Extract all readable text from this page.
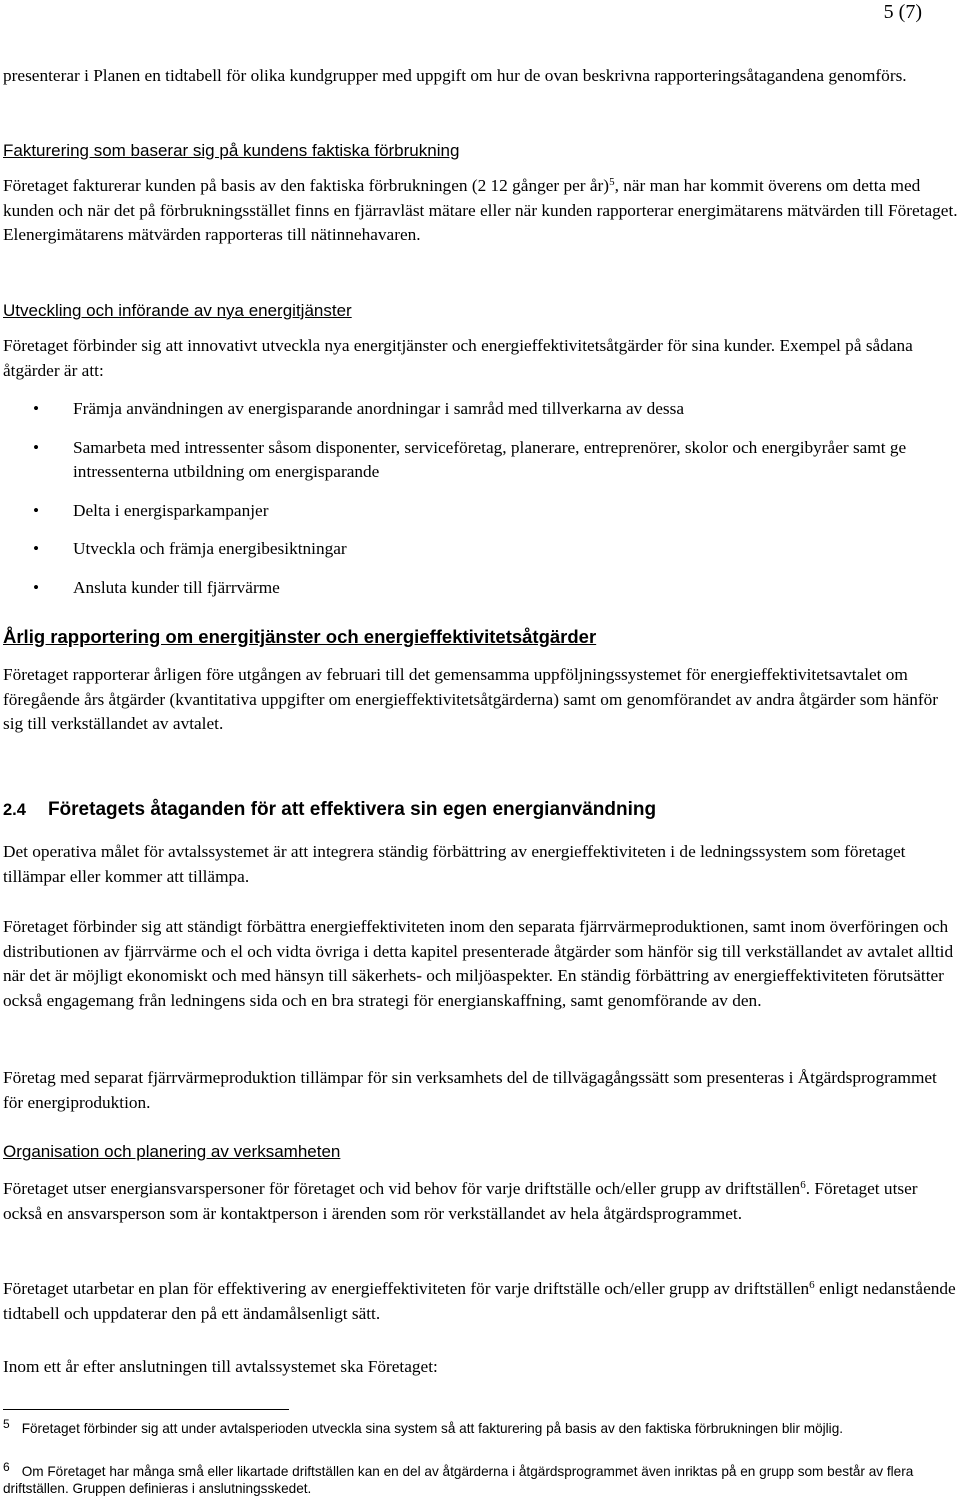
5 (7)

presenterar i Planen en tidtabell för olika kundgrupper med uppgift om hur de ovan beskrivna rapporteringsåtagandena genomförs.

Fakturering som baserar sig på kundens faktiska förbrukning

Företaget fakturerar kunden på basis av den faktiska förbrukningen (2 12 gånger per år)$^5$, när man har kommit överens om detta med kunden och när det på förbrukningsstället finns en fjärravläst mätare eller när kunden rapporterar energimätarens mätvärden till Företaget. Elenergimätarens mätvärden rapporteras till nätinnehavaren.

Utveckling och införande av nya energitjänster

Företaget förbinder sig att innovativt utveckla nya energitjänster och energieffektivitetsåtgärder för sina kunder. Exempel på sådana åtgärder är att:

• Främja användningen av energisparande anordningar i samråd med tillverkarna av dessa
• Samarbeta med intressenter såsom disponenter, serviceföretag, planerare, entreprenörer, skolor och energibyråer samt ge intressenterna utbildning om energisparande
• Delta i energisparkampanjer
• Utveckla och främja energibesiktningar
• Ansluta kunder till fjärrvärme

Årlig rapportering om energitjänster och energieffektivitetsåtgärder

Företaget rapporterar årligen före utgången av februari till det gemensamma uppföljningssystemet för energieffektivitetsavtalet om föregående års åtgärder (kvantitativa uppgifter om energieffektivitetsåtgärderna) samt om genomförandet av andra åtgärder som hänför sig till verkställandet av avtalet.

2.4 Företagets åtaganden för att effektivera sin egen energianvändning

Det operativa målet för avtalssystemet är att integrera ständig förbättring av energieffektiviteten i de ledningssystem som företaget tillämpar eller kommer att tillämpa.

Företaget förbinder sig att ständigt förbättra energieffektiviteten inom den separata fjärrvärmeproduktionen, samt inom överföringen och distributionen av fjärrvärme och el och vidta övriga i detta kapitel presenterade åtgärder som hänför sig till verkställandet av avtalet alltid när det är möjligt ekonomiskt och med hänsyn till säkerhets- och miljöaspekter. En ständig förbättring av energieffektiviteten förutsätter också engagemang från ledningens sida och en bra strategi för energianskaffning, samt genomförande av den.

Företag med separat fjärrvärmeproduktion tillämpar för sin verksamhets del de tillvägagångssätt som presenteras i Åtgärdsprogrammet för energiproduktion.

Organisation och planering av verksamheten

Företaget utser energiansvarspersoner för företaget och vid behov för varje driftställe och/eller grupp av driftställen$^6$. Företaget utser också en ansvarsperson som är kontaktperson i ärenden som rör verkställandet av hela åtgärdsprogrammet.

Företaget utarbetar en plan för effektivering av energieffektiviteten för varje driftställe och/eller grupp av driftställen$^6$ enligt nedanstående tidtabell och uppdaterar den på ett ändamålsenligt sätt.

Inom ett år efter anslutningen till avtalssystemet ska Företaget:

$^5$ Företaget förbinder sig att under avtalsperioden utveckla sina system så att fakturering på basis av den faktiska förbrukningen blir möjlig.

$^6$ Om Företaget har många små eller likartade driftställen kan en del av åtgärderna i åtgärdsprogrammet även inriktas på en grupp som består av flera driftställen. Gruppen definieras i anslutningsskedet.
